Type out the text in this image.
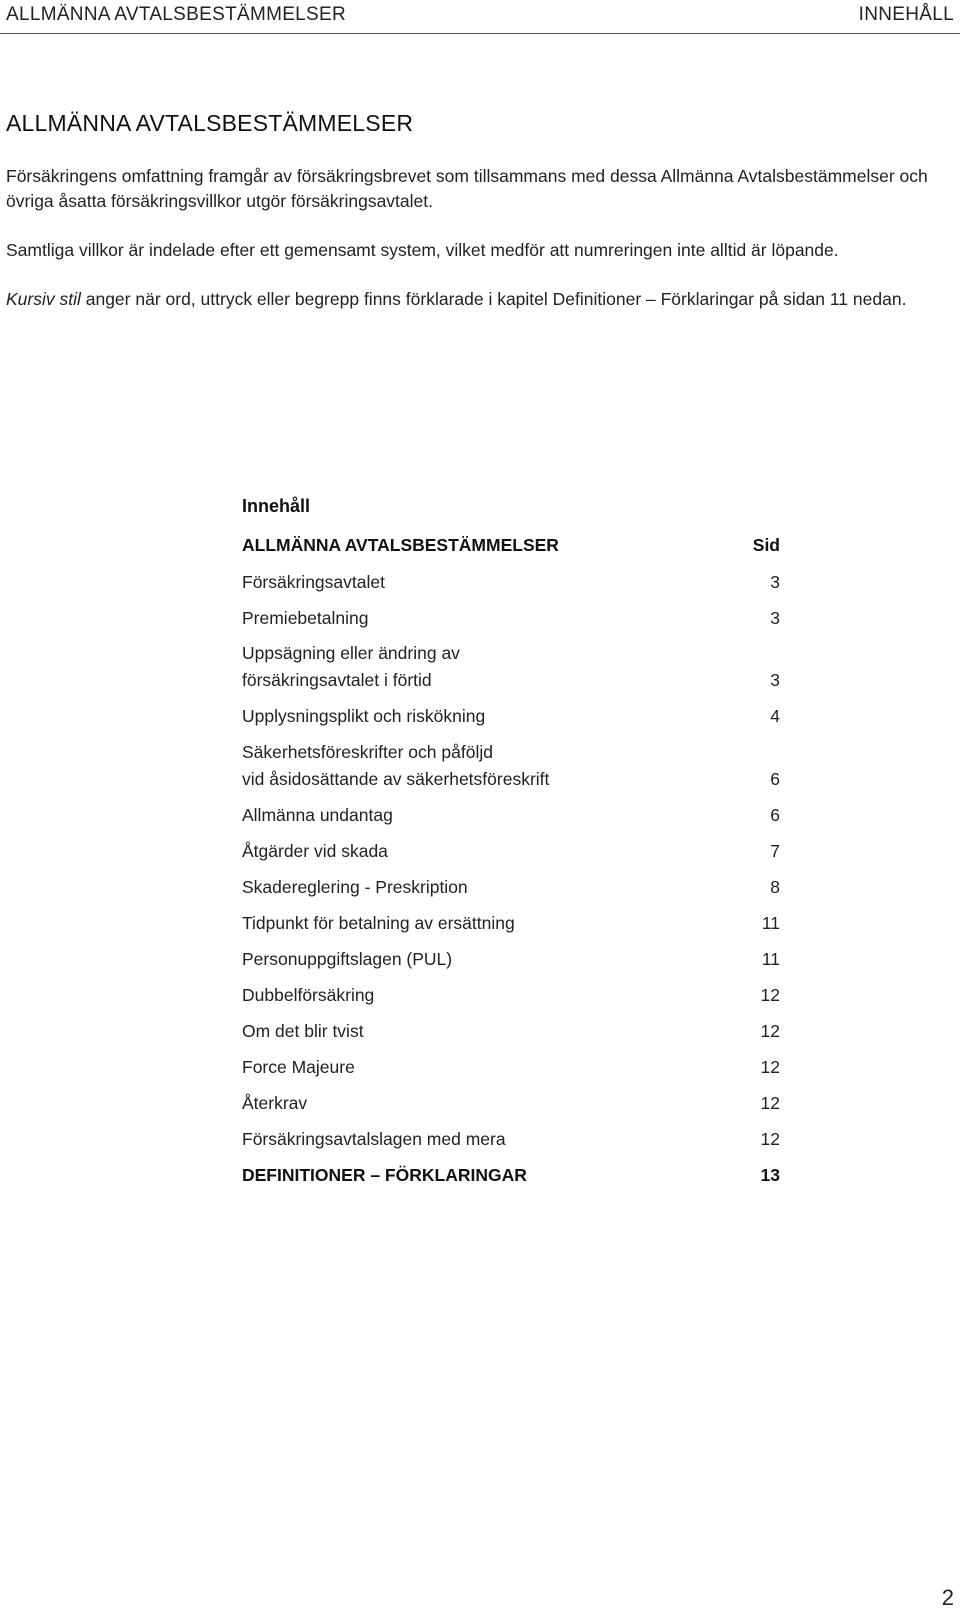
ALLMÄNNA AVTALSBESTÄMMELSER	INNEHÅLL
ALLMÄNNA AVTALSBESTÄMMELSER

Försäkringens omfattning framgår av försäkringsbrevet som tillsammans med dessa Allmänna Avtalsbestämmelser och övriga åsatta försäkringsvillkor utgör försäkringsavtalet.

Samtliga villkor är indelade efter ett gemensamt system, vilket medför att numreringen inte alltid är löpande.

Kursiv stil anger när ord, uttryck eller begrepp finns förklarade i kapitel Definitioner – Förklaringar på sidan 11 nedan.

Innehåll
ALLMÄNNA AVTALSBESTÄMMELSER	Sid
Försäkringsavtalet	3
Premiebetalning	3
Uppsägning eller ändring av
försäkringsavtalet i förtid	3
Upplysningsplikt och riskökning	4
Säkerhetsföreskrifter och påföljd
vid åsidosättande av säkerhetsföreskrift	6
Allmänna undantag	6
Åtgärder vid skada	7
Skadereglering - Preskription	8
Tidpunkt för betalning av ersättning	11
Personuppgiftslagen (PUL)	11
Dubbelförsäkring	12
Om det blir tvist	12
Force Majeure	12
Återkrav	12
Försäkringsavtalslagen med mera	12
DEFINITIONER – FÖRKLARINGAR	13
2
